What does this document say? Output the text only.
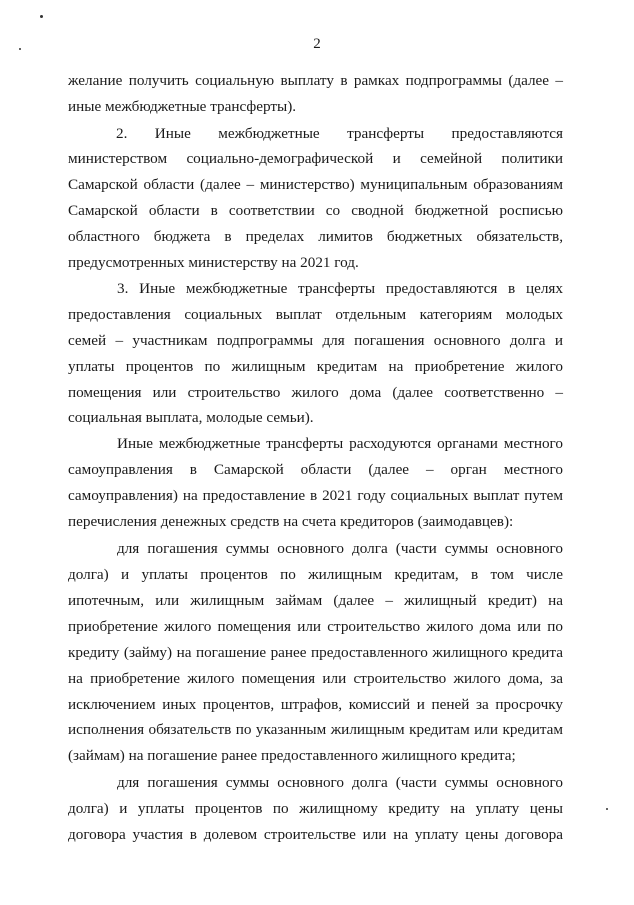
2
желание получить социальную выплату в рамках подпрограммы (далее –
иные межбюджетные трансферты).
2. Иные межбюджетные трансферты предоставляются
министерством социально-демографической и семейной политики
Самарской области (далее – министерство) муниципальным образованиям
Самарской области в соответствии со сводной бюджетной росписью
областного бюджета в пределах лимитов бюджетных обязательств,
предусмотренных министерству на 2021 год.
3. Иные межбюджетные трансферты предоставляются в целях
предоставления социальных выплат отдельным категориям молодых
семей – участникам подпрограммы для погашения основного долга и
уплаты процентов по жилищным кредитам на приобретение жилого
помещения или строительство жилого дома (далее соответственно –
социальная выплата, молодые семьи).
Иные межбюджетные трансферты расходуются органами местного
самоуправления в Самарской области (далее – орган местного
самоуправления) на предоставление в 2021 году социальных выплат путем
перечисления денежных средств на счета кредиторов (заимодавцев):
для погашения суммы основного долга (части суммы основного
долга) и уплаты процентов по жилищным кредитам, в том числе
ипотечным, или жилищным займам (далее – жилищный кредит) на
приобретение жилого помещения или строительство жилого дома или по
кредиту (займу) на погашение ранее предоставленного жилищного кредита
на приобретение жилого помещения или строительство жилого дома, за
исключением иных процентов, штрафов, комиссий и пеней за просрочку
исполнения обязательств по указанным жилищным кредитам или кредитам
(займам) на погашение ранее предоставленного жилищного кредита;
для погашения суммы основного долга (части суммы основного
долга) и уплаты процентов по жилищному кредиту на уплату цены
договора участия в долевом строительстве или на уплату цены договора
